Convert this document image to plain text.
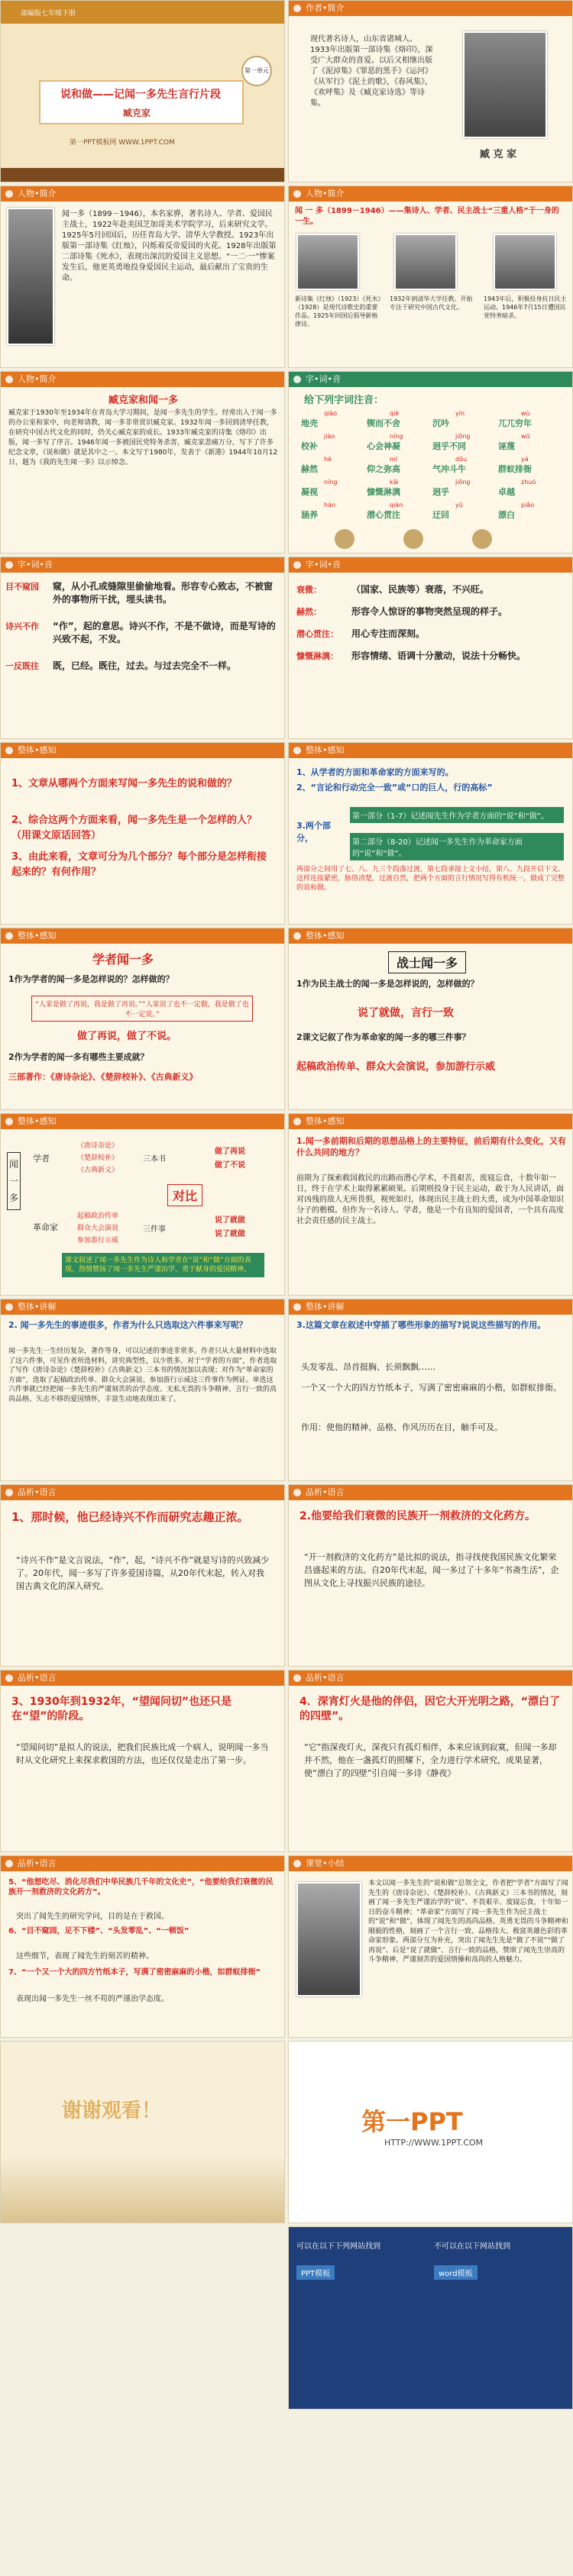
部编版七年级下册
第一单元
说和做——记闻一多先生言行片段
臧克家
第一PPT模板网 WWW.1PPT.COM
作者•简介
现代著名诗人，山东省诸城人。1933年出版第一部诗集《烙印》，深受广大群众的喜爱。以后又相继出版了《泥淖集》《罪恶的黑手》《运河》《从军行》《泥土的歌》，《春风集》，《欢呼集》及《臧克家诗选》等诗集。
臧 克 家
人物•简介
闻一多（1899－1946），本名家骅，著名诗人、学者、爱国民主战士，1922年赴美国芝加哥美术学院学习，后来研究文学。1925年5月回国后，历任青岛大学、清华大学教授。1923年出版第一部诗集《红烛》，闪烁着反帝爱国的火花。1928年出版第二部诗集《死水》，表现出深沉的爱国主义思想。“一二·一”惨案发生后，他更英勇地投身爱国民主运动，最后献出了宝贵的生命。
人物•简介
闻 一 多（1899－1946）——集诗人、学者、民主战士“三重人格”于一身的一生。
新诗集《红烛》（1923）《死水》（1928）是现代诗歌史的重要作品。1925年回国后倡导新格律诗。
1932年到清华大学任教。开始专注于研究中国古代文化。
1943年后，积极投身抗日民主运动。1946年7月15日遭国民党特务暗杀。
人物•简介
臧克家和闻一多
臧克家于1930年至1934年在青岛大学习期间，是闻一多先生的学生。经常出入于闻一多的办公室和家中，向老师请教，闻一多非常赏识臧克家。1932年闻一多回到清华任教，在研究中国古代文化的同时，仍关心臧克家的成长。1933年臧克家的诗集《烙印》出版，闻一多写了序言。1946年闻一多被国民党特务杀害，臧克家悲痛万分，写下了许多纪念文章，《说和做》就是其中之一。本文写于1980年，发表于《新港》1944年10月12日，题为《我的先生闻一多》以示悼念。
字•词•音
给下列字词注音：
qiào
地壳
qiè
锲而不舍
yín
沉吟
wù
兀兀穷年
jiào
校补
níng
心会神凝
jiǒng
迥乎不同
wū
诬蔑
hè
赫然
mí
仰之弥高
dǒu
气冲斗牛
yá
群蚁排衙
níng
凝视
kǎi
慷慨淋漓
jiǒng
迥乎
zhuó
卓越
hán
涵养
qián
潜心贯注
yū
迂回
piǎo
漂白
字•词•音
目不窥园	窥，从小孔或缝隙里偷偷地看。形容专心致志，不被窗外的事物所干扰，埋头读书。
诗兴不作	“作”，起的意思。诗兴不作，不是不做诗，而是写诗的兴致不起，不发。
一反既往	既，已经。既往，过去。与过去完全不一样。
字•词•音
衰微：	（国家、民族等）衰落，不兴旺。
赫然：	形容令人惊讶的事物突然呈现的样子。
潜心贯注：	用心专注而深刻。
慷慨淋漓：	形容情绪、语调十分激动，说法十分畅快。
整体•感知
1、文章从哪两个方面来写闻一多先生的说和做的？
2、综合这两个方面来看，闻一多先生是一个怎样的人？（用课文原话回答）
3、由此来看，文章可分为几个部分？每个部分是怎样衔接起来的？有何作用？
整体•感知
1、从学者的方面和革命家的方面来写的。
2、“言论和行动完全一致”或“口的巨人，行的高标”
3.两个部分，
第一部分（1-7）记述闻先生作为学者方面的“说”和“做”。
第二部分（8-20）记述闻一多先生作为革命家方面的“说”和“做”。
两部分之间用了七、八、九三个段落过渡，第七段承接上文小结，第八、九段开启下文。这样连接紧密，脉络清楚，过渡自然，把两个方面的言行情况写得有机统一，做成了完整的说和做。
整体•感知
学者闻一多
1作为学者的闻一多是怎样说的？怎样做的？
“人家是做了再说，我是做了再说。”“人家说了也不一定做，我是做了也不一定说。”
做了再说，做了不说。
2作为学者的闻一多有哪些主要成就？
三部著作：《唐诗杂论》、《楚辞校补》、《古典新义》
整体•感知
战士闻一多
1作为民主战士的闻一多是怎样说的，怎样做的？
说了就做，言行一致
2课文记叙了作为革命家的闻一多的哪三件事？
起稿政治传单、群众大会演说，参加游行示威
整体•感知
闻一多
学者
革命家
《唐诗杂论》
《楚辞校补》
《古典新义》
起稿政治传单
群众大会演说
参加游行示威
三本书
三件事
对比
做了再说
做了不说
说了就做
说了就做
课文叙述了闻一多先生作为诗人和学者在“说”和“做”方面的表现，热情赞扬了闻一多先生严谨治学、勇于献身的爱国精神。
整体•感知
1.闻一多前期和后期的思想品格上的主要特征，前后期有什么变化，又有什么共同的地方？
前期为了探索救国救民的出路而潜心学术，不畏艰苦，废寝忘食，十数年如一日，终于在学术上取得累累硕果。后期则投身于民主运动，敢于为人民讲话，面对凶残的敌人无所畏惧，视死如归，体现出民主战士的大勇，成为中国革命知识分子的楷模。但作为一名诗人、学者，他是一个有良知的爱国者，一个具有高度社会责任感的民主战士。
整体•讲解
2. 闻一多先生的事迹很多，作者为什么只选取这六件事来写呢？
闻一多先生一生经历复杂，著作等身，可以记述的事迹非常多。作者只从大量材料中选取了这六件事，可见作者所选材料，讲究典型性，以少胜多。对于“学者的方面”，作者选取了写作《唐诗杂论》《楚辞校补》《古典新义》三本书的情况加以表现；对作为“革命家的方面”，选取了起稿政治传单、群众大会演说、参加游行示威这三件事作为例证。单选这六件事就已经把闻一多先生的严谨刻苦的治学态度、无私无畏的斗争精神、言行一致的高尚品格、矢志不移的爱国情怀，丰富生动地表现出来了。
整体•讲解
3.这篇文章在叙述中穿插了哪些形象的描写?说说这些描写的作用。
头发零乱、昂首挺胸、长须飘飘……
一个又一个大的四方竹纸本子，写满了密密麻麻的小楷，如群蚁排衙。
作用：使他的精神、品格、作风历历在目，触手可及。
品析•语言
1、那时候，他已经诗兴不作而研究志趣正浓。
“诗兴不作”是文言说法，“作”，起，“诗兴不作”就是写诗的兴致减少了。20年代，闻一多写了许多爱国诗篇，从20年代末起，转入对我国古典文化的深入研究。
品析•语言
2.他要给我们衰微的民族开一剂救济的文化药方。
“开一剂救济的文化药方”是比拟的说法，指寻找使我国民族文化繁荣昌盛起来的方法。自20年代末起，闻一多过了十多年“书斋生活”，企图从文化上寻找振兴民族的途径。
品析•语言
3、1930年到1932年，“望闻问切”也还只是在“望”的阶段。
“望闻问切”是拟人的说法，把我们民族比成一个病人，说明闻一多当时从文化研究上来探求救国的方法，也还仅仅是走出了第一步。
品析•语言
4．深宵灯火是他的伴侣，因它大开光明之路，“漂白了的四壁”。
“它”指深夜灯火，深夜只有孤灯相伴，本来应该到寂寞，但闻一多却并不然，他在一盏孤灯的照耀下，全力进行学术研究，成果显著，使“漂白了的四壁”引自闻一多诗《静夜》
品析•语言
5、“他想吃尽、消化尽我们中华民族几千年的文化史”，“他要给我们衰微的民族开一剂救济的文化药方”。
突出了闻先生的研究学问，目的是在于救国。
6、“目不窥园，足不下楼”、“头发零乱”、“一顿饭”
这些细节，表现了闻先生的刻苦的精神。
7、“一个又一个大的四方竹纸本子，写满了密密麻麻的小楷，如群蚁排衙”
表现出闻一多先生一丝不苟的严谨治学态度。
课堂•小结
本文以闻一多先生的“说和做”总领全文，作者把“学者”方面写了闻先生的《唐诗杂论》、《楚辞校补》、《古典新义》三本书的情况，刻画了闻一多先生严谨治学的“说”、不畏艰辛、废寝忘食，十年如一日的奋斗精神；“革命家”方面写了闻一多先生作为民主战士的“说”和“做”，体现了闻先生的高尚品格、英勇无畏的斗争精神和刚毅的性格，刻画了一个言行一致、品格伟大、极富英雄色彩的革命家形象。两部分互为补充，突出了闻先生先是“做了不说”“做了再说”、后是“说了就做”、言行一致的品格，赞颂了闻先生崇高的斗争精神、严谨刻苦的爱国情操和高尚的人格魅力。
谢谢观看！	第一PPT
HTTP://WWW.1PPT.COM
可以在以下下列网站找到	不可以在以下网站找到
PPT模板	word模板
